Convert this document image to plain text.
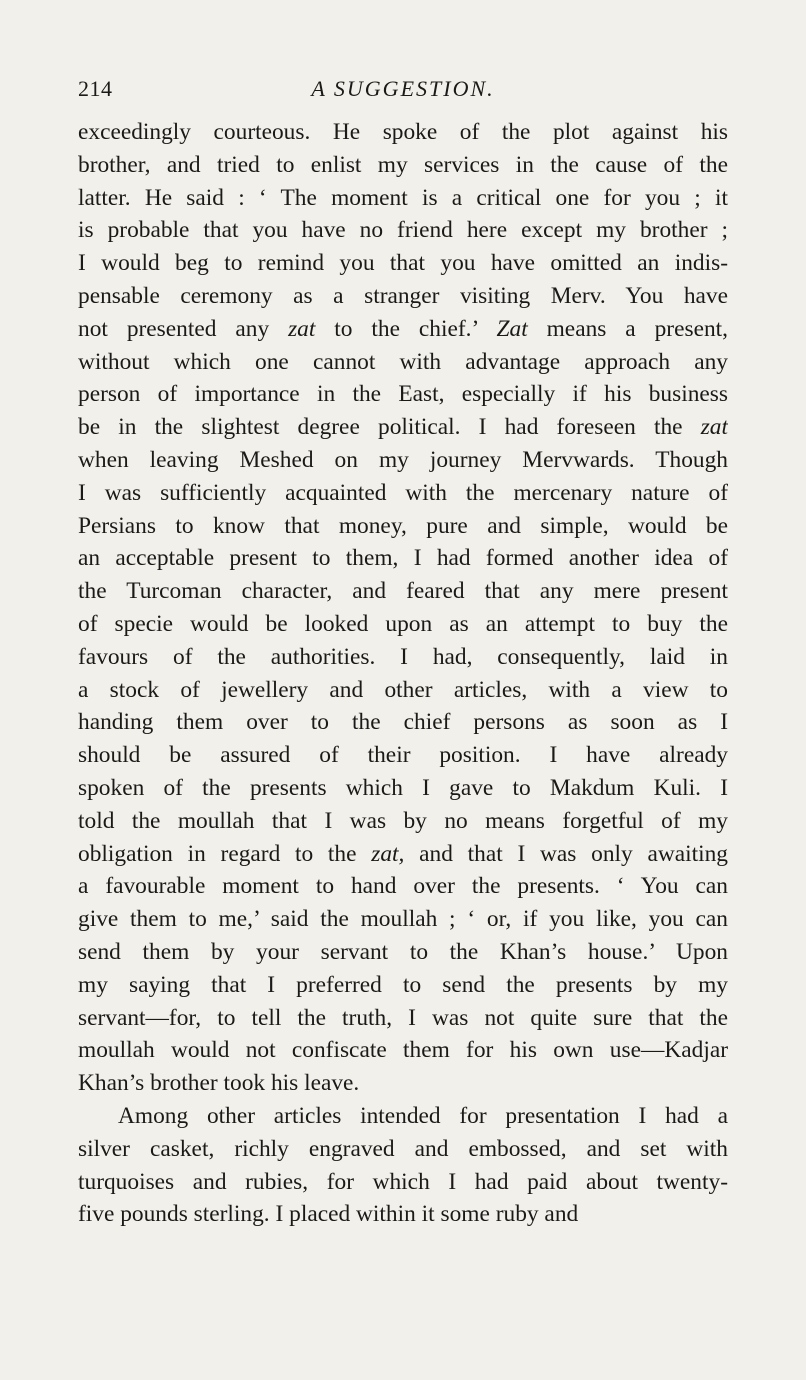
214	A SUGGESTION.
exceedingly courteous. He spoke of the plot against his
brother, and tried to enlist my services in the cause of the
latter. He said : ‘ The moment is a critical one for you ; it
is probable that you have no friend here except my brother ;
I would beg to remind you that you have omitted an indis-
pensable ceremony as a stranger visiting Merv. You have
not presented any zat to the chief.’ Zat means a present,
without which one cannot with advantage approach any
person of importance in the East, especially if his business
be in the slightest degree political. I had foreseen the zat
when leaving Meshed on my journey Mervwards. Though
I was sufficiently acquainted with the mercenary nature of
Persians to know that money, pure and simple, would be
an acceptable present to them, I had formed another idea of
the Turcoman character, and feared that any mere present
of specie would be looked upon as an attempt to buy the
favours of the authorities. I had, consequently, laid in
a stock of jewellery and other articles, with a view to
handing them over to the chief persons as soon as I
should be assured of their position. I have already
spoken of the presents which I gave to Makdum Kuli. I
told the moullah that I was by no means forgetful of my
obligation in regard to the zat, and that I was only awaiting
a favourable moment to hand over the presents. ‘ You can
give them to me,’ said the moullah ; ‘ or, if you like, you can
send them by your servant to the Khan’s house.’ Upon
my saying that I preferred to send the presents by my
servant—for, to tell the truth, I was not quite sure that the
moullah would not confiscate them for his own use—Kadjar
Khan’s brother took his leave.
Among other articles intended for presentation I had a
silver casket, richly engraved and embossed, and set with
turquoises and rubies, for which I had paid about twenty-
five pounds sterling. I placed within it some ruby and
